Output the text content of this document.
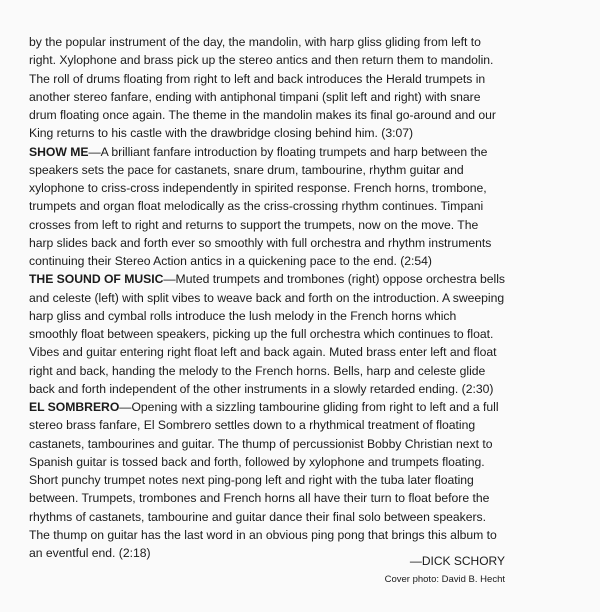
by the popular instrument of the day, the mandolin, with harp gliss gliding from left to right. Xylophone and brass pick up the stereo antics and then return them to mandolin. The roll of drums floating from right to left and back introduces the Herald trumpets in another stereo fanfare, ending with antiphonal timpani (split left and right) with snare drum floating once again. The theme in the mandolin makes its final go-around and our King returns to his castle with the drawbridge closing behind him. (3:07)

SHOW ME—A brilliant fanfare introduction by floating trumpets and harp between the speakers sets the pace for castanets, snare drum, tambourine, rhythm guitar and xylophone to criss-cross independently in spirited response. French horns, trombone, trumpets and organ float melodically as the criss-crossing rhythm continues. Timpani crosses from left to right and returns to support the trumpets, now on the move. The harp slides back and forth ever so smoothly with full orchestra and rhythm instruments continuing their Stereo Action antics in a quickening pace to the end. (2:54)

THE SOUND OF MUSIC—Muted trumpets and trombones (right) oppose orchestra bells and celeste (left) with split vibes to weave back and forth on the introduction. A sweeping harp gliss and cymbal rolls introduce the lush melody in the French horns which smoothly float between speakers, picking up the full orchestra which continues to float. Vibes and guitar entering right float left and back again. Muted brass enter left and float right and back, handing the melody to the French horns. Bells, harp and celeste glide back and forth independent of the other instruments in a slowly retarded ending. (2:30)

EL SOMBRERO—Opening with a sizzling tambourine gliding from right to left and a full stereo brass fanfare, El Sombrero settles down to a rhythmical treatment of floating castanets, tambourines and guitar. The thump of percussionist Bobby Christian next to Spanish guitar is tossed back and forth, followed by xylophone and trumpets floating. Short punchy trumpet notes next ping-pong left and right with the tuba later floating between. Trumpets, trombones and French horns all have their turn to float before the rhythms of castanets, tambourine and guitar dance their final solo between speakers. The thump on guitar has the last word in an obvious ping pong that brings this album to an eventful end. (2:18)

—DICK SCHORY

Cover photo: David B. Hecht
